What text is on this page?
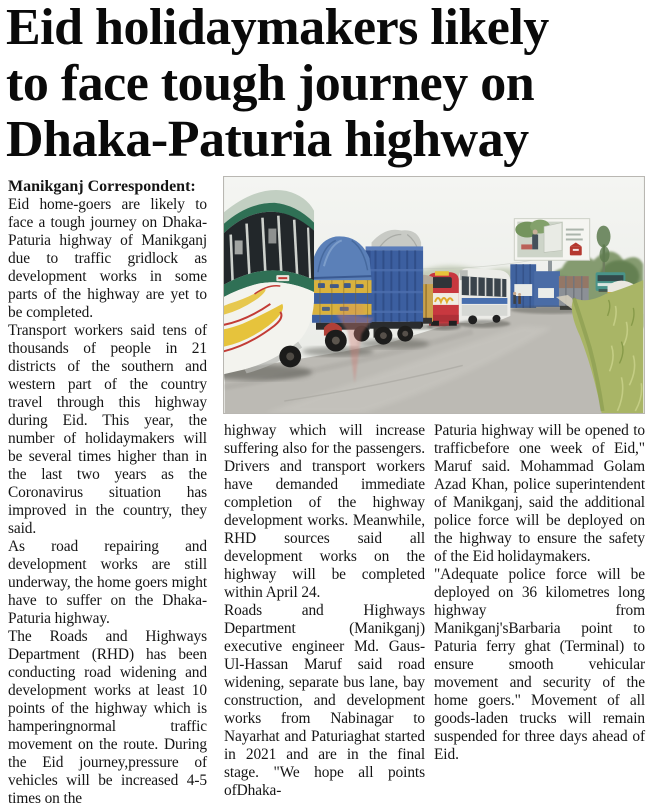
Eid holidaymakers likely
to face tough journey on
Dhaka-Paturia highway

Manikganj Correspondent:

Eid home-goers are likely to face a tough journey on Dhaka-Paturia highway of Manikganj due to traffic gridlock as development works in some parts of the highway are yet to be completed.

Transport workers said tens of thousands of people in 21 districts of the southern and western part of the country travel through this highway during Eid. This year, the number of holidaymakers will be several times higher than in the last two years as the Coronavirus situation has improved in the country, they said.

As road repairing and development works are still underway, the home goers might have to suffer on the Dhaka-Paturia highway.

The Roads and Highways Department (RHD) has been conducting road widening and development works at least 10 points of the highway which is hamperingnormal traffic movement on the route. During the Eid journey,pressure of vehicles will be increased 4-5 times on the

highway which will increase suffering also for the passengers. Drivers and transport workers have demanded immediate completion of the highway development works. Meanwhile, RHD sources said all development works on the highway will be completed within April 24.

Roads and Highways Department (Manikganj) executive engineer Md. Gaus-Ul-Hassan Maruf said road widening, separate bus lane, bay construction, and development works from Nabinagar to Nayarhat and Paturiaghat started in 2021 and are in the final stage. "We hope all points ofDhaka-

Paturia highway will be opened to trafficbefore one week of Eid," Maruf said. Mohammad Golam Azad Khan, police superintendent of Manikganj, said the additional police force will be deployed on the highway to ensure the safety of the Eid holidaymakers.

"Adequate police force will be deployed on 36 kilometres long highway from Manikganj'sBarbaria point to Paturia ferry ghat (Terminal) to ensure smooth vehicular movement and security of the home goers." Movement of all goods-laden trucks will remain suspended for three days ahead of Eid.
